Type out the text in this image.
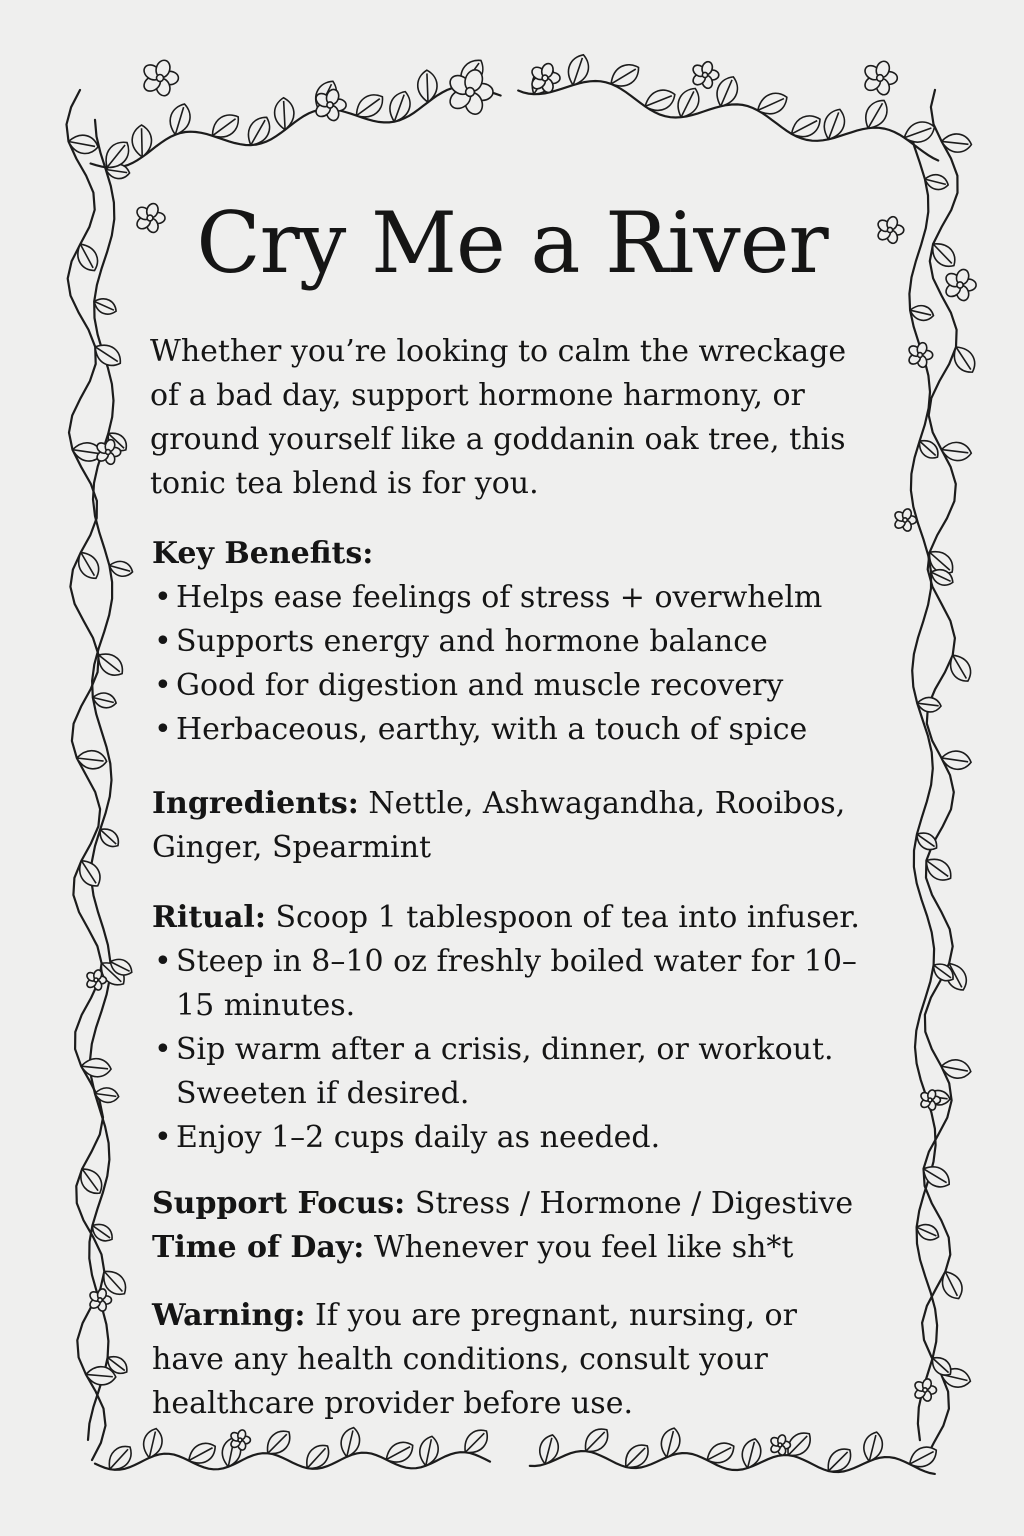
Cry Me a River

Whether you’re looking to calm the wreckage of a bad day, support hormone harmony, or ground yourself like a goddanin oak tree, this tonic tea blend is for you.

Key Benefits:
• Helps ease feelings of stress + overwhelm
• Supports energy and hormone balance
• Good for digestion and muscle recovery
• Herbaceous, earthy, with a touch of spice

Ingredients: Nettle, Ashwagandha, Rooibos, Ginger, Spearmint

Ritual: Scoop 1 tablespoon of tea into infuser.
• Steep in 8–10 oz freshly boiled water for 10–15 minutes.
• Sip warm after a crisis, dinner, or workout. Sweeten if desired.
• Enjoy 1–2 cups daily as needed.
Support Focus: Stress / Hormone / Digestive
Time of Day: Whenever you feel like sh*t

Warning: If you are pregnant, nursing, or have any health conditions, consult your healthcare provider before use.
